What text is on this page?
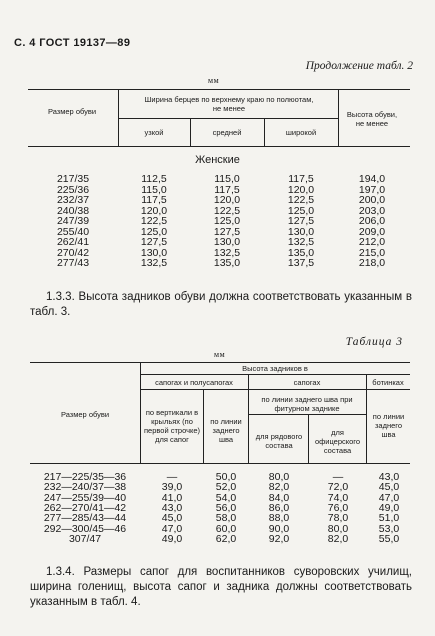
С. 4 ГОСТ 19137—89
Продолжение табл. 2
мм
Размер обуви
Ширина берцев по верхнему краю по полюотам, не менее
узкой	средней	широкой
Высота обуви, не менее
Женские
217/35	112,5	115,0	117,5	194,0
225/36	115,0	117,5	120,0	197,0
232/37	117,5	120,0	122,5	200,0
240/38	120,0	122,5	125,0	203,0
247/39	122,5	125,0	127,5	206,0
255/40	125,0	127,5	130,0	209,0
262/41	127,5	130,0	132,5	212,0
270/42	130,0	132,5	135,0	215,0
277/43	132,5	135,0	137,5	218,0
1.3.3. Высота задников обуви должна соответствовать указанным в табл. 3.
Таблица 3
мм
Высота задников в
сапогах и полусапогах	сапогах	ботинках
Размер обуви	по вертикали в крыльях (по первой строчке) для сапог
по линии заднего шва
по линии заднего шва при фитурном заднике
для рядового состава
для офицерского состава
по линии заднего шва
217—225/35—36	—	50,0	80,0	—	43,0
232—240/37—38	39,0	52,0	82,0	72,0	45,0
247—255/39—40	41,0	54,0	84,0	74,0	47,0
262—270/41—42	43,0	56,0	86,0	76,0	49,0
277—285/43—44	45,0	58,0	88,0	78,0	51,0
292—300/45—46	47,0	60,0	90,0	80,0	53,0
307/47	49,0	62,0	92,0	82,0	55,0
1.3.4. Размеры сапог для воспитанников суворовских училищ, ширина голенищ, высота сапог и задника должны соответствовать указанным в табл. 4.
